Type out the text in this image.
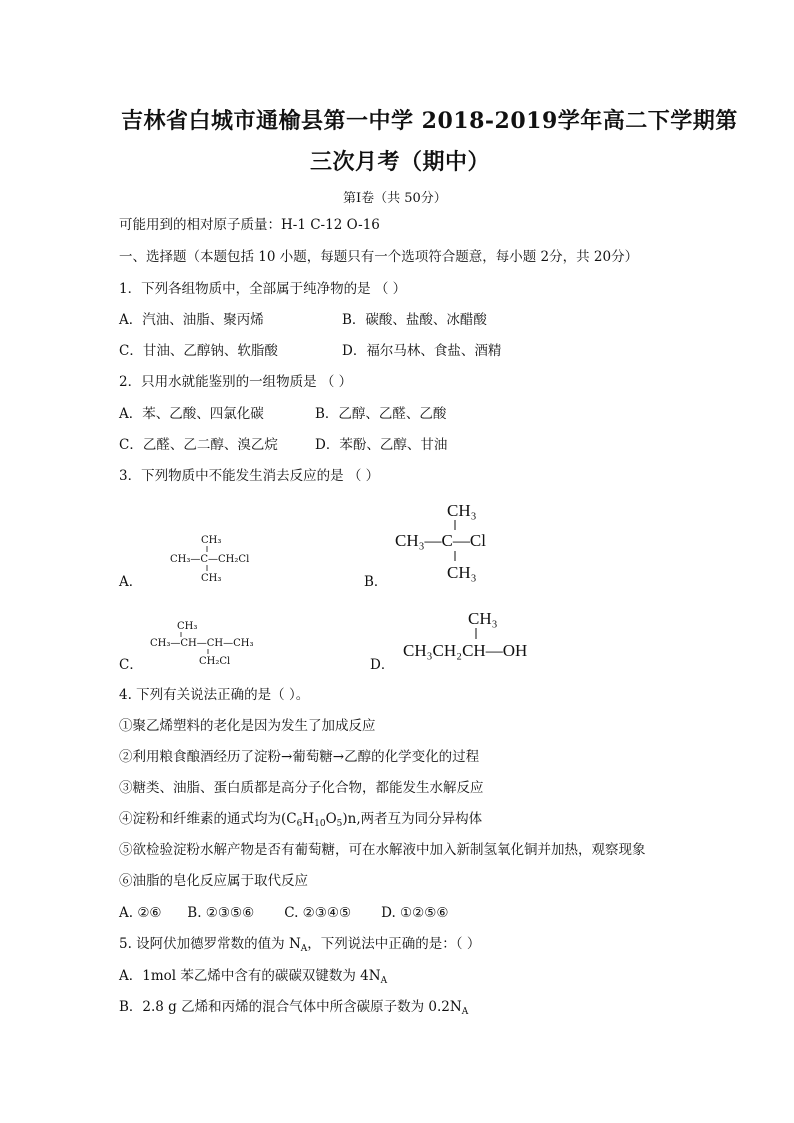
吉林省白城市通榆县第一中学 2018-2019学年高二下学期第
三次月考（期中）
第Ⅰ卷（共 50分）
可能用到的相对原子质量：H-1 C-12 O-16
一、选择题（本题包括 10 小题，每题只有一个选项符合题意，每小题 2分，共 20分）
1．下列各组物质中，全部属于纯净物的是 （ ）
A．汽油、油脂、聚丙烯	B．碳酸、盐酸、冰醋酸
C．甘油、乙醇钠、软脂酸	D．福尔马林、食盐、酒精
2．只用水就能鉴别的一组物质是 （ ）
A．苯、乙酸、四氯化碳	B．乙醇、乙醛、乙酸
C．乙醛、乙二醇、溴乙烷	D．苯酚、乙醇、甘油
3．下列物质中不能发生消去反应的是 （ ）
A．
CH₃
CH₃—C—CH₂Cl
CH₃	B．
CH₃
CH₃—C—Cl
CH₃
C．
CH₃
CH₃—CH—CH—CH₃
CH₂Cl	D．
CH₃
CH₃CH₂CH—OH
4. 下列有关说法正确的是（ ）。
①聚乙烯塑料的老化是因为发生了加成反应
②利用粮食酿酒经历了淀粉→葡萄糖→乙醇的化学变化的过程
③糖类、油脂、蛋白质都是高分子化合物，都能发生水解反应
④淀粉和纤维素的通式均为$(C_6H_{10}O_5)n$,两者互为同分异构体
⑤欲检验淀粉水解产物是否有葡萄糖，可在水解液中加入新制氢氧化铜并加热，观察现象
⑥油脂的皂化反应属于取代反应
A. ②⑥      B. ②③⑤⑥       C. ②③④⑤       D. ①②⑤⑥
5. 设阿伏加德罗常数的值为 $N_A$，下列说法中正确的是：（ ）
A．1mol 苯乙烯中含有的碳碳双键数为 $4N_A$
B．2.8 g 乙烯和丙烯的混合气体中所含碳原子数为 $0.2N_A$
